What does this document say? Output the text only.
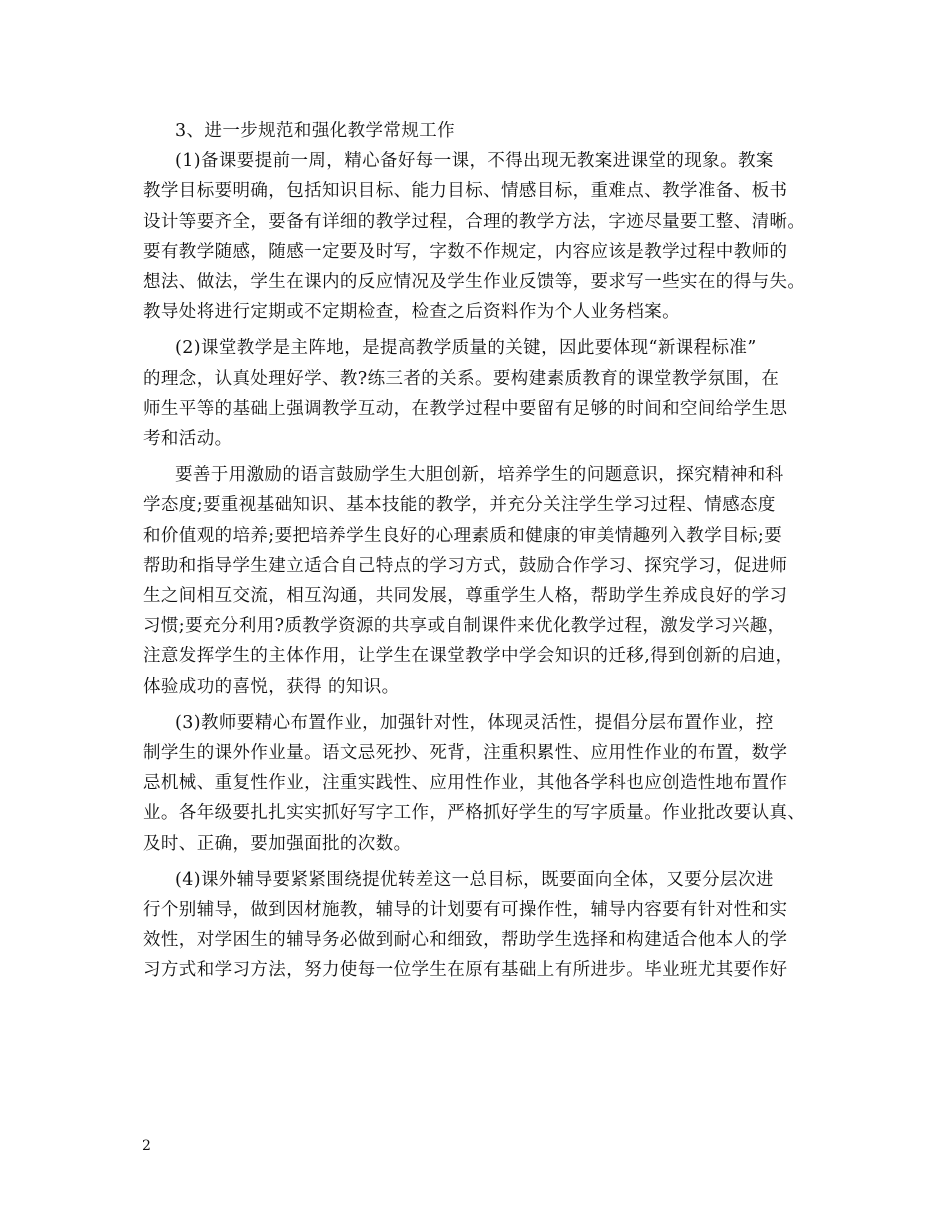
3、进一步规范和强化教学常规工作

(1)备课要提前一周，精心备好每一课，不得出现无教案进课堂的现象。教案
教学目标要明确，包括知识目标、能力目标、情感目标，重难点、教学准备、板书
设计等要齐全，要备有详细的教学过程，合理的教学方法，字迹尽量要工整、清晰。
要有教学随感，随感一定要及时写，字数不作规定，内容应该是教学过程中教师的
想法、做法，学生在课内的反应情况及学生作业反馈等，要求写一些实在的得与失。
教导处将进行定期或不定期检查，检查之后资料作为个人业务档案。

(2)课堂教学是主阵地，是提高教学质量的关键，因此要体现“新课程标准”
的理念，认真处理好学、教?练三者的关系。要构建素质教育的课堂教学氛围，在
师生平等的基础上强调教学互动，在教学过程中要留有足够的时间和空间给学生思
考和活动。

要善于用激励的语言鼓励学生大胆创新，培养学生的问题意识，探究精神和科
学态度;要重视基础知识、基本技能的教学，并充分关注学生学习过程、情感态度
和价值观的培养;要把培养学生良好的心理素质和健康的审美情趣列入教学目标;要
帮助和指导学生建立适合自己特点的学习方式，鼓励合作学习、探究学习，促进师
生之间相互交流，相互沟通，共同发展，尊重学生人格，帮助学生养成良好的学习
习惯;要充分利用?质教学资源的共享或自制课件来优化教学过程，激发学习兴趣，
注意发挥学生的主体作用，让学生在课堂教学中学会知识的迁移,得到创新的启迪，
体验成功的喜悦，获得 的知识。

(3)教师要精心布置作业，加强针对性，体现灵活性，提倡分层布置作业，控
制学生的课外作业量。语文忌死抄、死背，注重积累性、应用性作业的布置，数学
忌机械、重复性作业，注重实践性、应用性作业，其他各学科也应创造性地布置作
业。各年级要扎扎实实抓好写字工作，严格抓好学生的写字质量。作业批改要认真、
及时、正确，要加强面批的次数。

(4)课外辅导要紧紧围绕提优转差这一总目标，既要面向全体，又要分层次进
行个别辅导，做到因材施教，辅导的计划要有可操作性，辅导内容要有针对性和实
效性，对学困生的辅导务必做到耐心和细致，帮助学生选择和构建适合他本人的学
习方式和学习方法，努力使每一位学生在原有基础上有所进步。毕业班尤其要作好

2
